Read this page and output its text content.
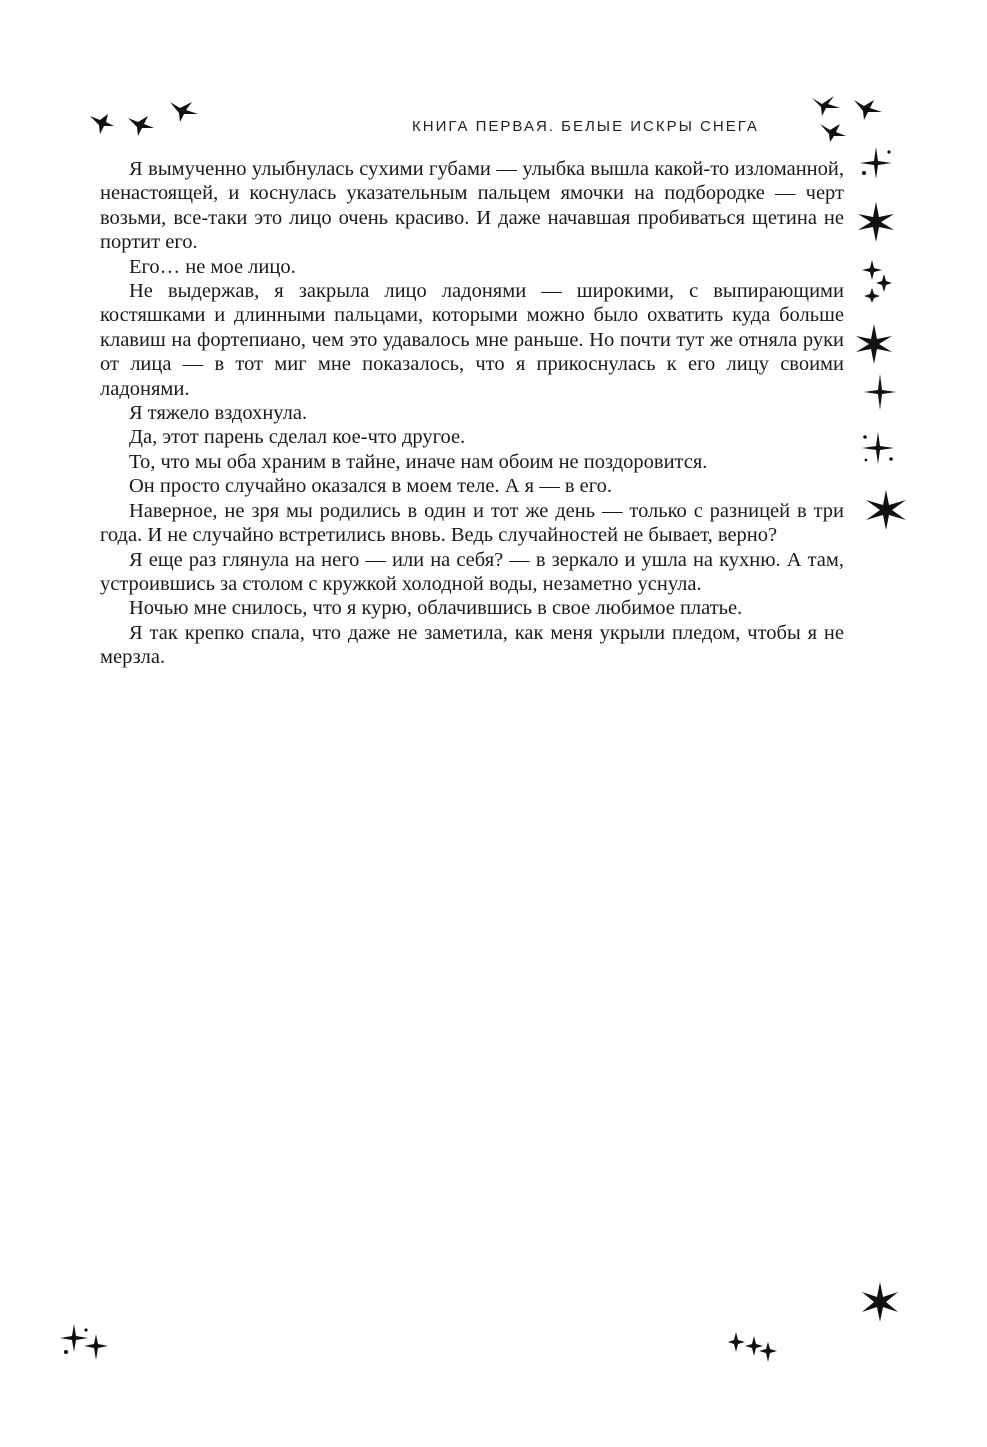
КНИГА ПЕРВАЯ. БЕЛЫЕ ИСКРЫ СНЕГА

Я вымученно улыбнулась сухими губами — улыбка вышла какой-то изломанной, ненастоящей, и коснулась указательным пальцем ямочки на подбородке — черт возьми, все-таки это лицо очень красиво. И даже начавшая пробиваться щетина не портит его.

Его… не мое лицо.

Не выдержав, я закрыла лицо ладонями — широкими, с выпирающими костяшками и длинными пальцами, которыми можно было охватить куда больше клавиш на фортепиано, чем это удавалось мне раньше. Но почти тут же отняла руки от лица — в тот миг мне показалось, что я прикоснулась к его лицу своими ладонями.

Я тяжело вздохнула.

Да, этот парень сделал кое-что другое.

То, что мы оба храним в тайне, иначе нам обоим не поздоровится.

Он просто случайно оказался в моем теле. А я — в его.

Наверное, не зря мы родились в один и тот же день — только с разницей в три года. И не случайно встретились вновь. Ведь случайностей не бывает, верно?

Я еще раз глянула на него — или на себя? — в зеркало и ушла на кухню. А там, устроившись за столом с кружкой холодной воды, незаметно уснула.

Ночью мне снилось, что я курю, облачившись в свое любимое платье.

Я так крепко спала, что даже не заметила, как меня укрыли пледом, чтобы я не мерзла.
